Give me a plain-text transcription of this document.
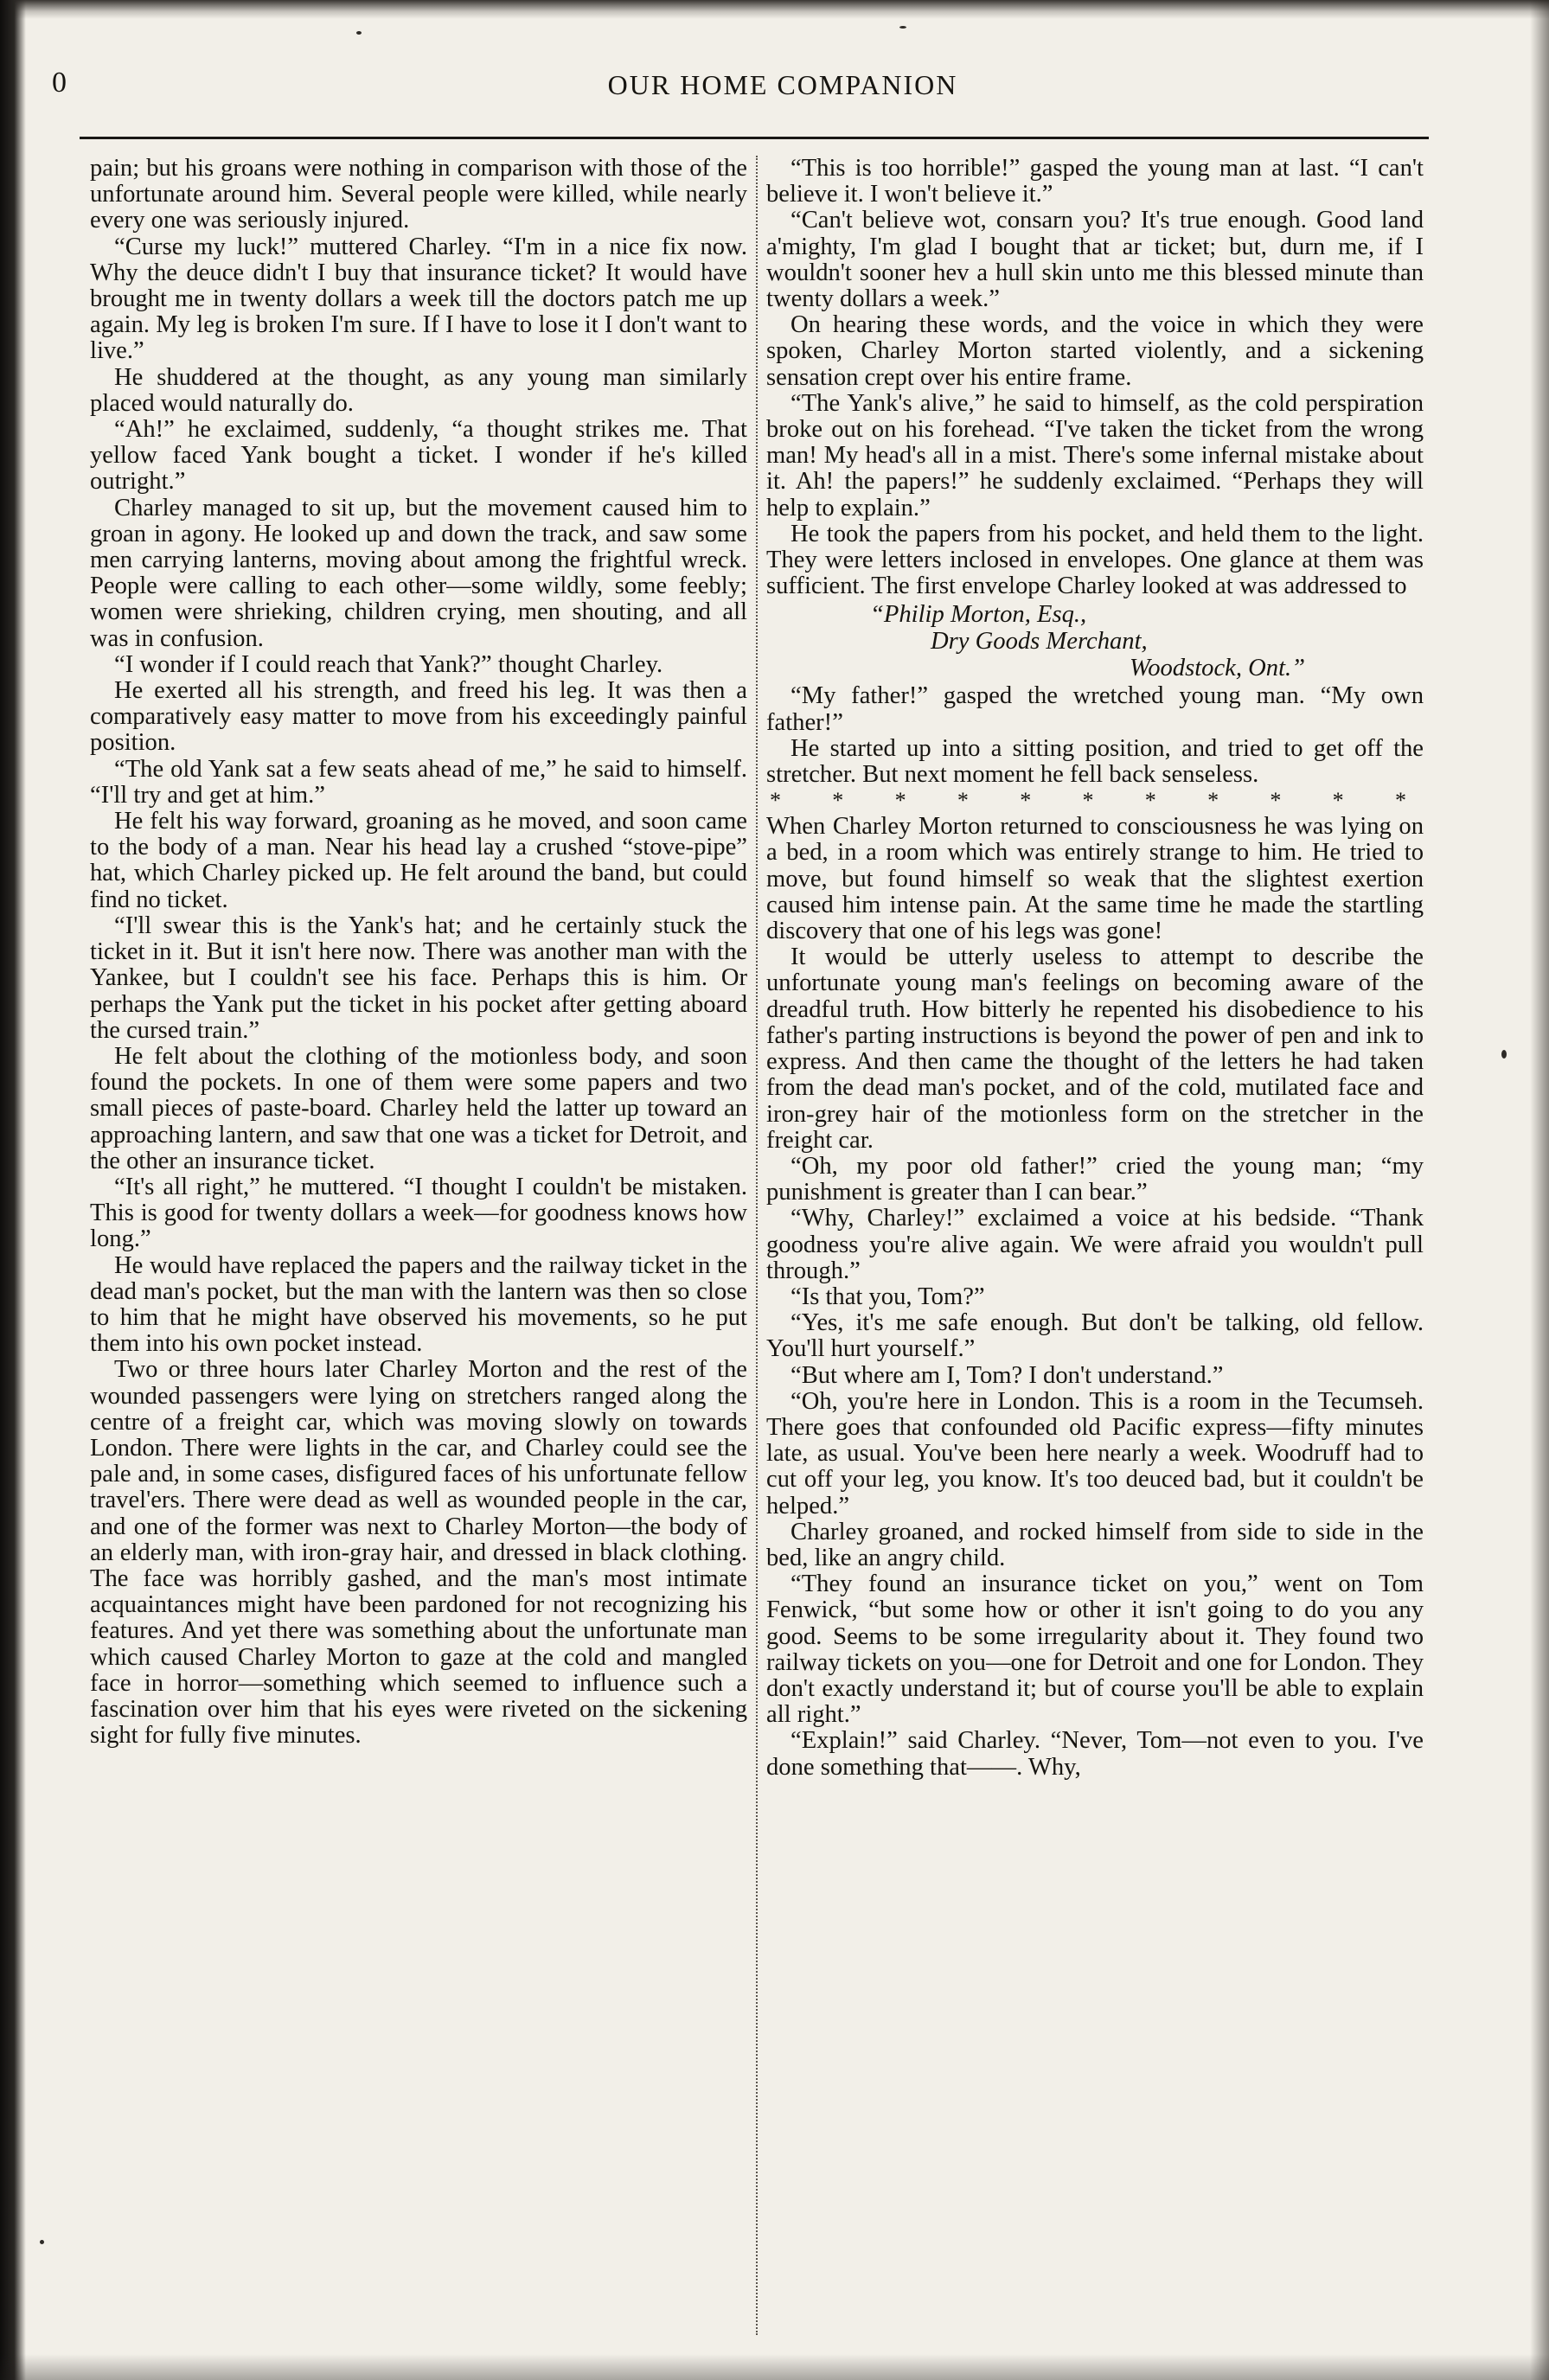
0	OUR HOME COMPANION

pain; but his groans were nothing in comparison with those of the unfortunate around him. Several people were killed, while nearly every one was seriously injured.

“Curse my luck!” muttered Charley. “I'm in a nice fix now. Why the deuce didn't I buy that insurance ticket? It would have brought me in twenty dollars a week till the doctors patch me up again. My leg is broken I'm sure. If I have to lose it I don't want to live.”

He shuddered at the thought, as any young man similarly placed would naturally do.

“Ah!” he exclaimed, suddenly, “a thought strikes me. That yellow faced Yank bought a ticket. I wonder if he's killed outright.”

Charley managed to sit up, but the movement caused him to groan in agony. He looked up and down the track, and saw some men carrying lanterns, moving about among the frightful wreck. People were calling to each other—some wildly, some feebly; women were shrieking, children crying, men shouting, and all was in confusion.

“I wonder if I could reach that Yank?” thought Charley.

He exerted all his strength, and freed his leg. It was then a comparatively easy matter to move from his exceedingly painful position.

“The old Yank sat a few seats ahead of me,” he said to himself. “I'll try and get at him.”

He felt his way forward, groaning as he moved, and soon came to the body of a man. Near his head lay a crushed “stove-pipe” hat, which Charley picked up. He felt around the band, but could find no ticket.

“I'll swear this is the Yank's hat; and he certainly stuck the ticket in it. But it isn't here now. There was another man with the Yankee, but I couldn't see his face. Perhaps this is him. Or perhaps the Yank put the ticket in his pocket after getting aboard the cursed train.”

He felt about the clothing of the motionless body, and soon found the pockets. In one of them were some papers and two small pieces of paste-board. Charley held the latter up toward an approaching lantern, and saw that one was a ticket for Detroit, and the other an insurance ticket.

“It's all right,” he muttered. “I thought I couldn't be mistaken. This is good for twenty dollars a week—for goodness knows how long.”

He would have replaced the papers and the railway ticket in the dead man's pocket, but the man with the lantern was then so close to him that he might have observed his movements, so he put them into his own pocket instead.

Two or three hours later Charley Morton and the rest of the wounded passengers were lying on stretchers ranged along the centre of a freight car, which was moving slowly on towards London. There were lights in the car, and Charley could see the pale and, in some cases, disfigured faces of his unfortunate fellow travel'ers. There were dead as well as wounded people in the car, and one of the former was next to Charley Morton—the body of an elderly man, with iron-gray hair, and dressed in black clothing. The face was horribly gashed, and the man's most intimate acquaintances might have been pardoned for not recognizing his features. And yet there was something about the unfortunate man which caused Charley Morton to gaze at the cold and mangled face in horror—something which seemed to influence such a fascination over him that his eyes were riveted on the sickening sight for fully five minutes.

“This is too horrible!” gasped the young man at last. “I can't believe it. I won't believe it.”

“Can't believe wot, consarn you? It's true enough. Good land a'mighty, I'm glad I bought that ar ticket; but, durn me, if I wouldn't sooner hev a hull skin unto me this blessed minute than twenty dollars a week.”

On hearing these words, and the voice in which they were spoken, Charley Morton started violently, and a sickening sensation crept over his entire frame.

“The Yank's alive,” he said to himself, as the cold perspiration broke out on his forehead. “I've taken the ticket from the wrong man! My head's all in a mist. There's some infernal mistake about it. Ah! the papers!” he suddenly exclaimed. “Perhaps they will help to explain.”

He took the papers from his pocket, and held them to the light. They were letters inclosed in envelopes. One glance at them was sufficient. The first envelope Charley looked at was addressed to

“Philip Morton, Esq.,
Dry Goods Merchant,
Woodstock, Ont.”

“My father!” gasped the wretched young man. “My own father!”

He started up into a sitting position, and tried to get off the stretcher. But next moment he fell back senseless.

* * * * * * * * * * *

When Charley Morton returned to consciousness he was lying on a bed, in a room which was entirely strange to him. He tried to move, but found himself so weak that the slightest exertion caused him intense pain. At the same time he made the startling discovery that one of his legs was gone!

It would be utterly useless to attempt to describe the unfortunate young man's feelings on becoming aware of the dreadful truth. How bitterly he repented his disobedience to his father's parting instructions is beyond the power of pen and ink to express. And then came the thought of the letters he had taken from the dead man's pocket, and of the cold, mutilated face and iron-grey hair of the motionless form on the stretcher in the freight car.

“Oh, my poor old father!” cried the young man; “my punishment is greater than I can bear.”

“Why, Charley!” exclaimed a voice at his bedside. “Thank goodness you're alive again. We were afraid you wouldn't pull through.”

“Is that you, Tom?”

“Yes, it's me safe enough. But don't be talking, old fellow. You'll hurt yourself.”

“But where am I, Tom? I don't understand.”

“Oh, you're here in London. This is a room in the Tecumseh. There goes that confounded old Pacific express—fifty minutes late, as usual. You've been here nearly a week. Woodruff had to cut off your leg, you know. It's too deuced bad, but it couldn't be helped.”

Charley groaned, and rocked himself from side to side in the bed, like an angry child.

“They found an insurance ticket on you,” went on Tom Fenwick, “but some how or other it isn't going to do you any good. Seems to be some irregularity about it. They found two railway tickets on you—one for Detroit and one for London. They don't exactly understand it; but of course you'll be able to explain all right.”

“Explain!” said Charley. “Never, Tom—not even to you. I've done something that——. Why,
